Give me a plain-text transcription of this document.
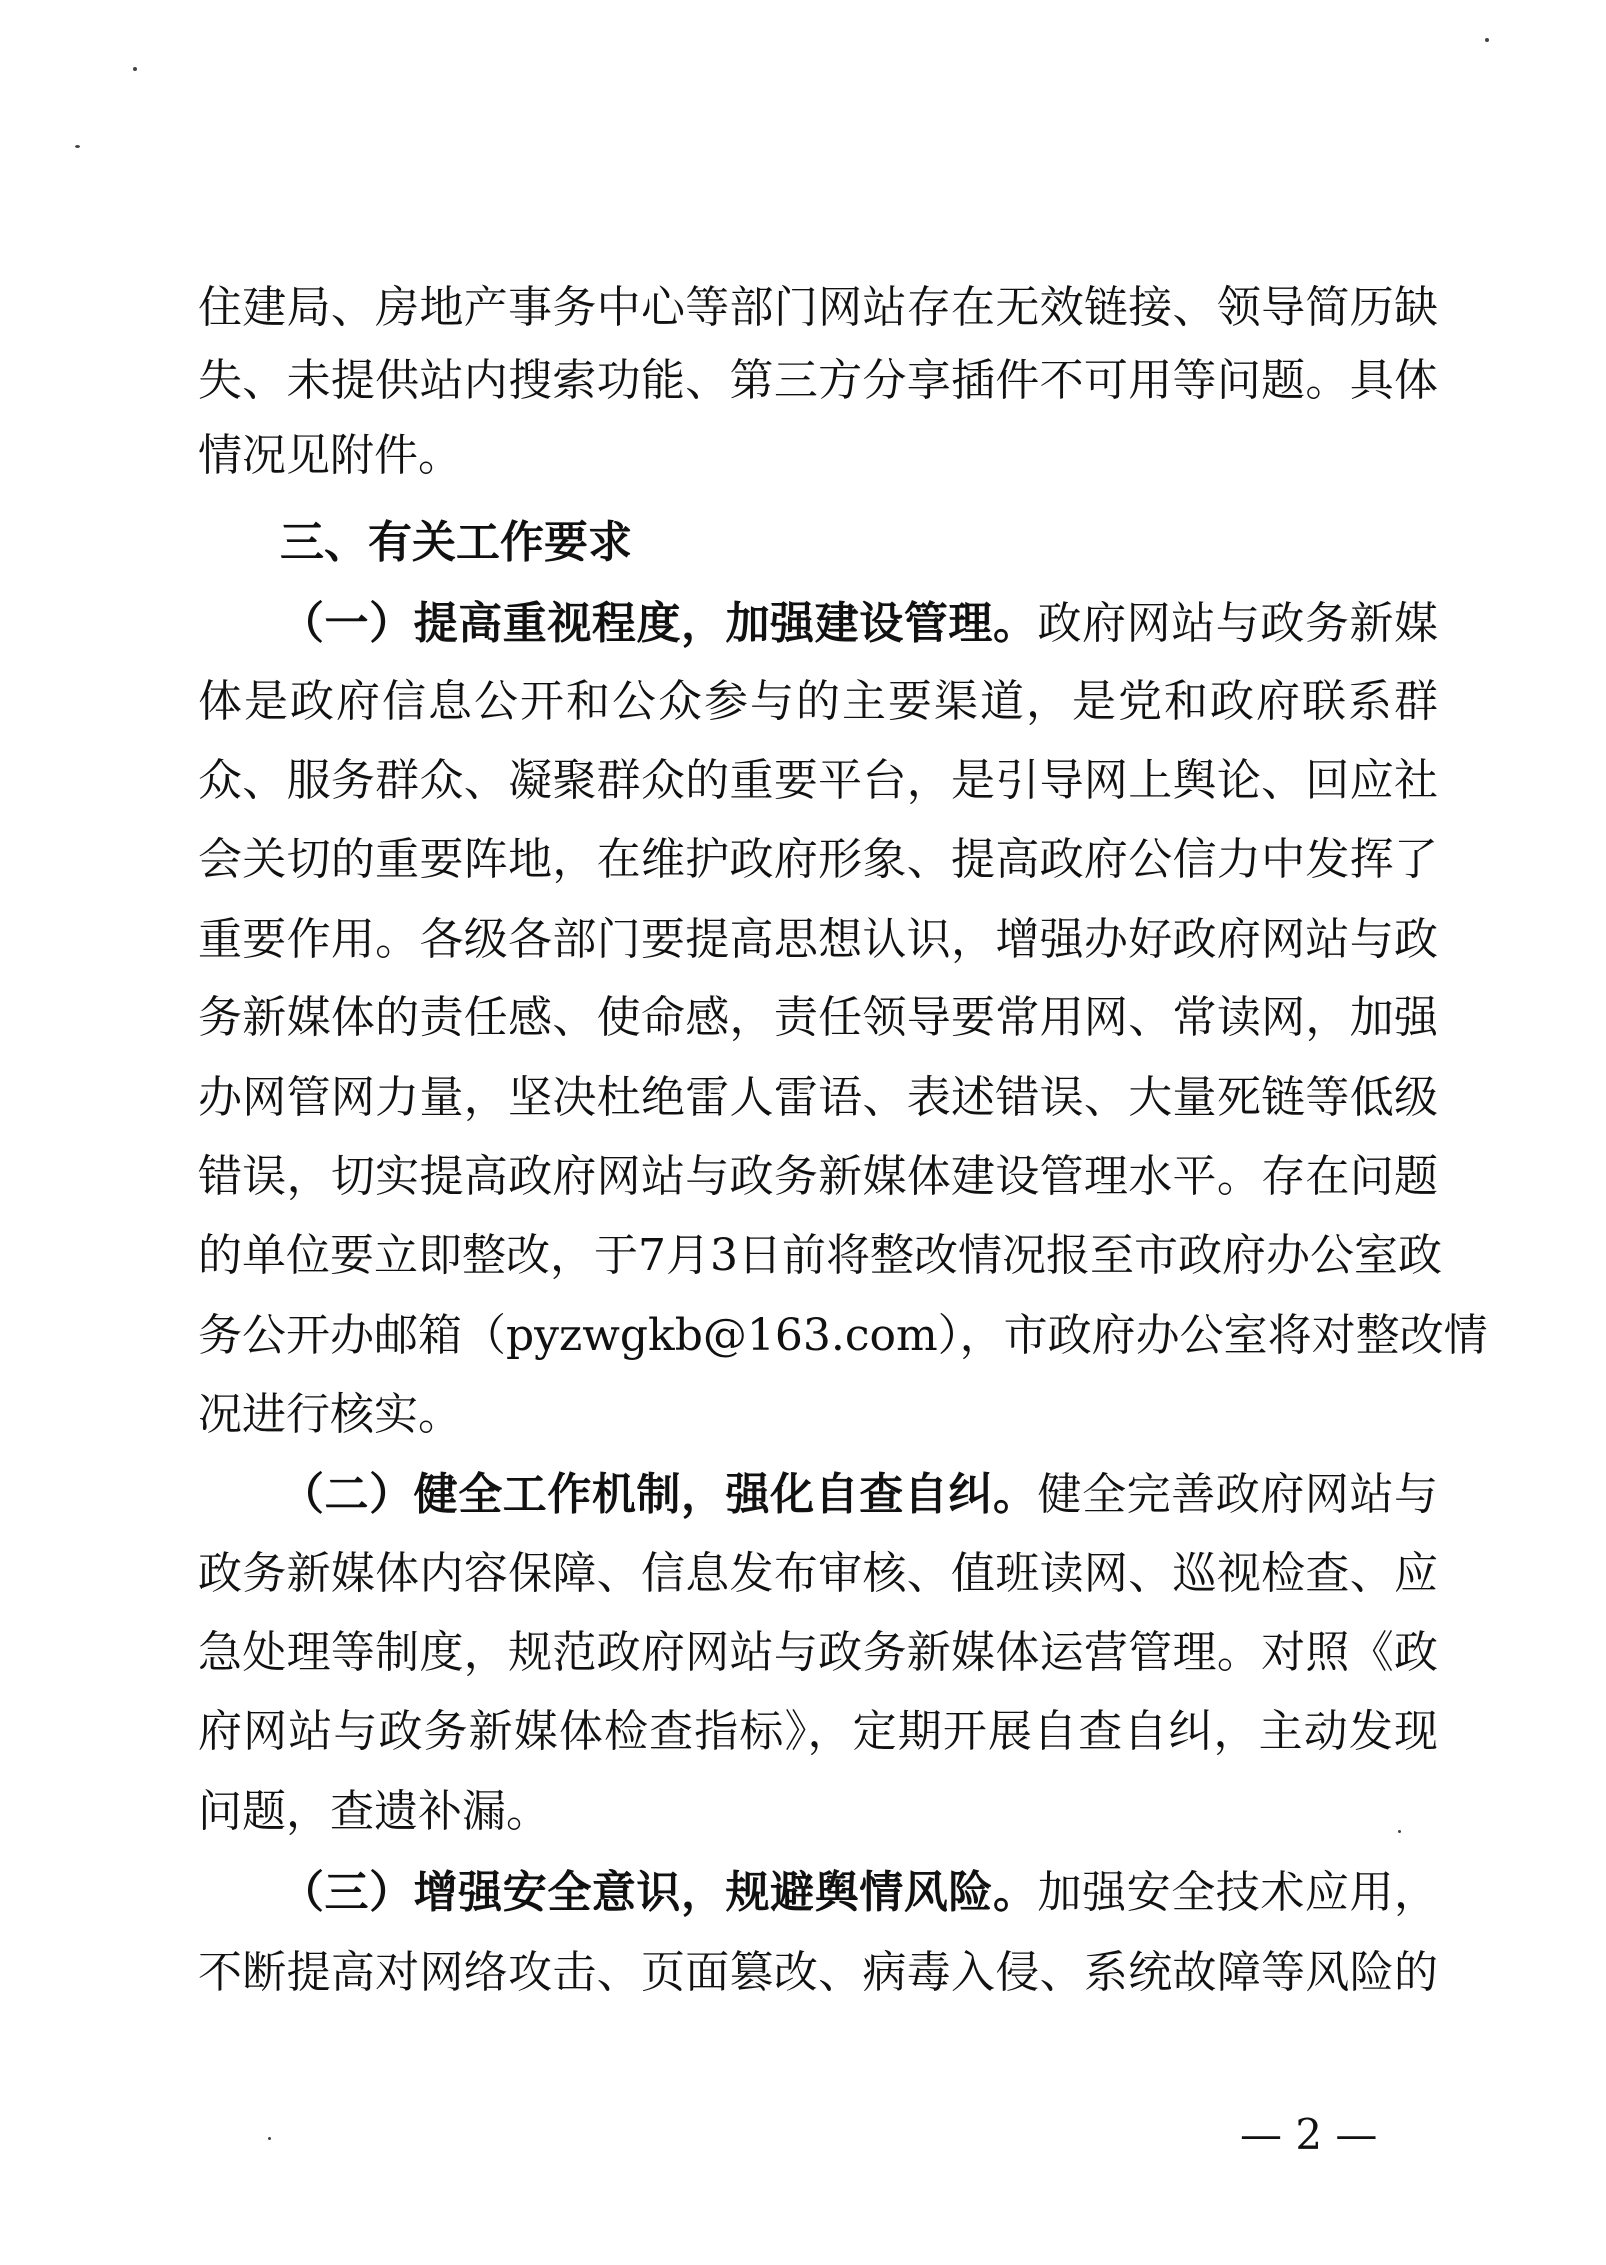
住建局、房地产事务中心等部门网站存在无效链接、领导简历缺
失、未提供站内搜索功能、第三方分享插件不可用等问题。具体
情况见附件。
三、有关工作要求
（一）提高重视程度，加强建设管理。政府网站与政务新媒
体是政府信息公开和公众参与的主要渠道，是党和政府联系群
众、服务群众、凝聚群众的重要平台，是引导网上舆论、回应社
会关切的重要阵地，在维护政府形象、提高政府公信力中发挥了
重要作用。各级各部门要提高思想认识，增强办好政府网站与政
务新媒体的责任感、使命感，责任领导要常用网、常读网，加强
办网管网力量，坚决杜绝雷人雷语、表述错误、大量死链等低级
错误，切实提高政府网站与政务新媒体建设管理水平。存在问题
的单位要立即整改，于7月3日前将整改情况报至市政府办公室政
务公开办邮箱（pyzwgkb@163.com），市政府办公室将对整改情
况进行核实。
（二）健全工作机制，强化自查自纠。健全完善政府网站与
政务新媒体内容保障、信息发布审核、值班读网、巡视检查、应
急处理等制度，规范政府网站与政务新媒体运营管理。对照《政
府网站与政务新媒体检查指标》，定期开展自查自纠，主动发现
问题，查遗补漏。
（三）增强安全意识，规避舆情风险。加强安全技术应用，
不断提高对网络攻击、页面篡改、病毒入侵、系统故障等风险的
— 2 —
